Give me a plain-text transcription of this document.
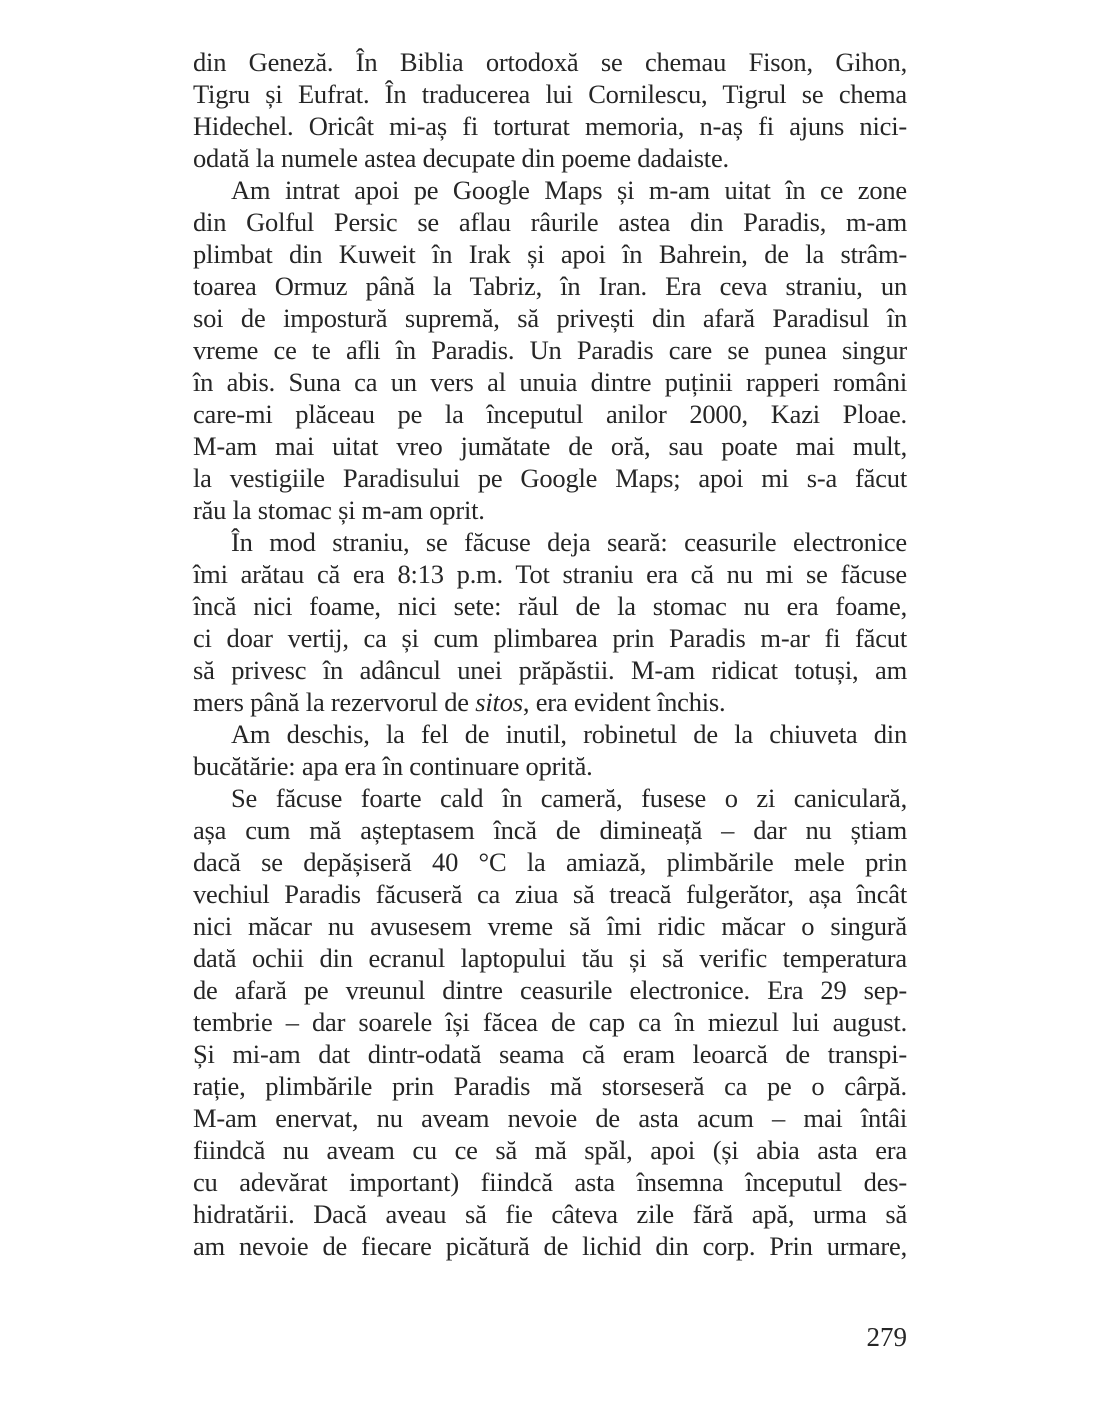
din Geneză. În Biblia ortodoxă se chemau Fison, Gihon,
Tigru și Eufrat. În traducerea lui Cornilescu, Tigrul se chema
Hidechel. Oricât mi-aș fi torturat memoria, n-aș fi ajuns nici-
odată la numele astea decupate din poeme dadaiste.
Am intrat apoi pe Google Maps și m-am uitat în ce zone
din Golful Persic se aflau râurile astea din Paradis, m-am
plimbat din Kuweit în Irak și apoi în Bahrein, de la strâm-
toarea Ormuz până la Tabriz, în Iran. Era ceva straniu, un
soi de impostură supremă, să privești din afară Paradisul în
vreme ce te afli în Paradis. Un Paradis care se punea singur
în abis. Suna ca un vers al unuia dintre puținii rapperi români
care-mi plăceau pe la începutul anilor 2000, Kazi Ploae.
M-am mai uitat vreo jumătate de oră, sau poate mai mult,
la vestigiile Paradisului pe Google Maps; apoi mi s-a făcut
rău la stomac și m-am oprit.
În mod straniu, se făcuse deja seară: ceasurile electronice
îmi arătau că era 8:13 p.m. Tot straniu era că nu mi se făcuse
încă nici foame, nici sete: răul de la stomac nu era foame,
ci doar vertij, ca și cum plimbarea prin Paradis m-ar fi făcut
să privesc în adâncul unei prăpăstii. M-am ridicat totuși, am
mers până la rezervorul de sitos, era evident închis.
Am deschis, la fel de inutil, robinetul de la chiuveta din
bucătărie: apa era în continuare oprită.
Se făcuse foarte cald în cameră, fusese o zi caniculară,
așa cum mă așteptasem încă de dimineață – dar nu știam
dacă se depășiseră 40 °C la amiază, plimbările mele prin
vechiul Paradis făcuseră ca ziua să treacă fulgerător, așa încât
nici măcar nu avusesem vreme să îmi ridic măcar o singură
dată ochii din ecranul laptopului tău și să verific temperatura
de afară pe vreunul dintre ceasurile electronice. Era 29 sep-
tembrie – dar soarele își făcea de cap ca în miezul lui august.
Și mi-am dat dintr-odată seama că eram leoarcă de transpi-
rație, plimbările prin Paradis mă storseseră ca pe o cârpă.
M-am enervat, nu aveam nevoie de asta acum – mai întâi
fiindcă nu aveam cu ce să mă spăl, apoi (și abia asta era
cu adevărat important) fiindcă asta însemna începutul des-
hidratării. Dacă aveau să fie câteva zile fără apă, urma să
am nevoie de fiecare picătură de lichid din corp. Prin urmare,
279
